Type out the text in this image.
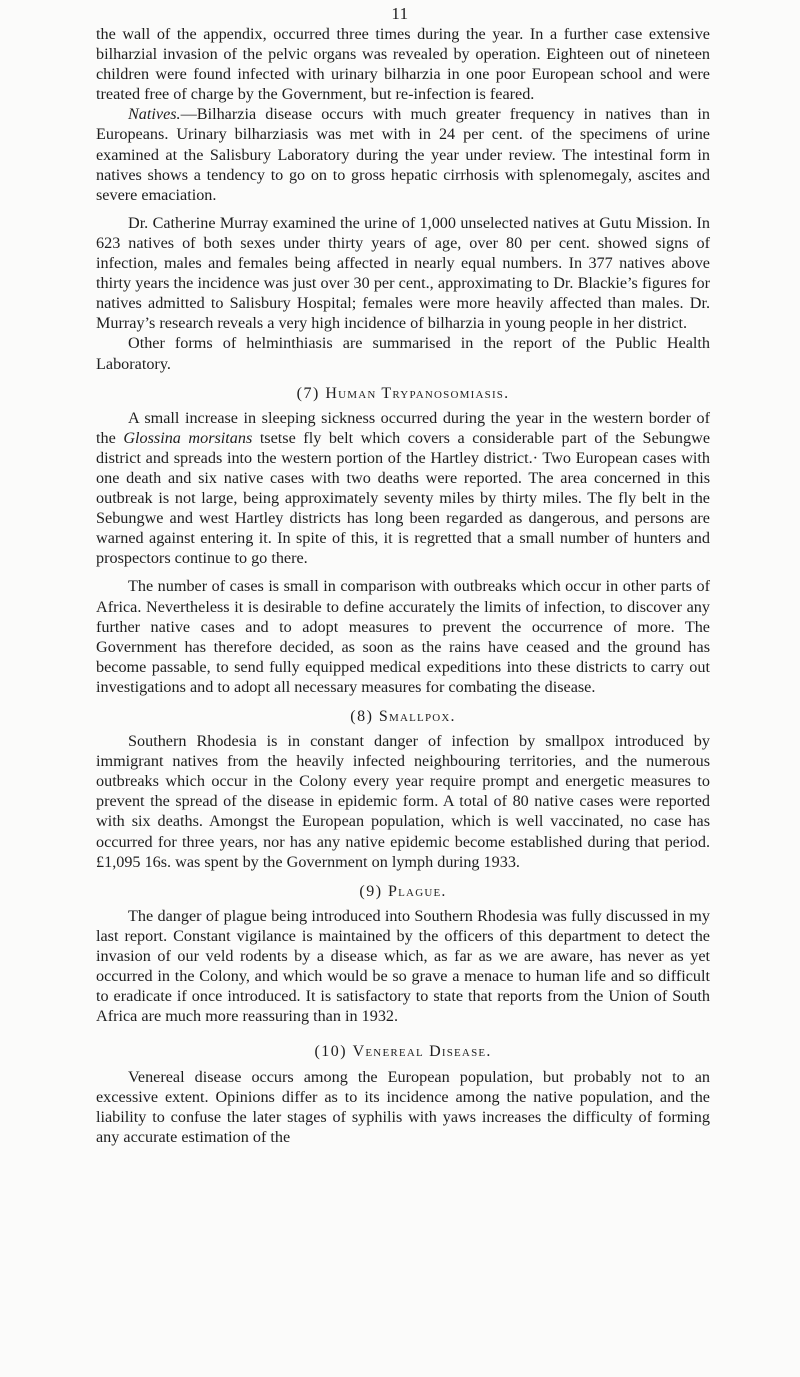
11

the wall of the appendix, occurred three times during the year. In a further case extensive bilharzial invasion of the pelvic organs was revealed by operation. Eighteen out of nineteen children were found infected with urinary bilharzia in one poor European school and were treated free of charge by the Government, but re-infection is feared.

Natives.—Bilharzia disease occurs with much greater frequency in natives than in Europeans. Urinary bilharziasis was met with in 24 per cent. of the specimens of urine examined at the Salisbury Laboratory during the year under review. The intestinal form in natives shows a tendency to go on to gross hepatic cirrhosis with splenomegaly, ascites and severe emaciation.

Dr. Catherine Murray examined the urine of 1,000 unselected natives at Gutu Mission. In 623 natives of both sexes under thirty years of age, over 80 per cent. showed signs of infection, males and females being affected in nearly equal numbers. In 377 natives above thirty years the incidence was just over 30 per cent., approximating to Dr. Blackie’s figures for natives admitted to Salisbury Hospital; females were more heavily affected than males. Dr. Murray’s research reveals a very high incidence of bilharzia in young people in her district.

Other forms of helminthiasis are summarised in the report of the Public Health Laboratory.

(7) Human Trypanosomiasis.

A small increase in sleeping sickness occurred during the year in the western border of the Glossina morsitans tsetse fly belt which covers a considerable part of the Sebungwe district and spreads into the western portion of the Hartley district.· Two European cases with one death and six native cases with two deaths were reported. The area concerned in this outbreak is not large, being approximately seventy miles by thirty miles. The fly belt in the Sebungwe and west Hartley districts has long been regarded as dangerous, and persons are warned against entering it. In spite of this, it is regretted that a small number of hunters and prospectors continue to go there.

The number of cases is small in comparison with outbreaks which occur in other parts of Africa. Nevertheless it is desirable to define accurately the limits of infection, to discover any further native cases and to adopt measures to prevent the occurrence of more. The Government has therefore decided, as soon as the rains have ceased and the ground has become passable, to send fully equipped medical expeditions into these districts to carry out investigations and to adopt all necessary measures for combating the disease.

(8) Smallpox.

Southern Rhodesia is in constant danger of infection by smallpox introduced by immigrant natives from the heavily infected neighbouring territories, and the numerous outbreaks which occur in the Colony every year require prompt and energetic measures to prevent the spread of the disease in epidemic form. A total of 80 native cases were reported with six deaths. Amongst the European population, which is well vaccinated, no case has occurred for three years, nor has any native epidemic become established during that period. £1,095 16s. was spent by the Government on lymph during 1933.

(9) Plague.

The danger of plague being introduced into Southern Rhodesia was fully discussed in my last report. Constant vigilance is maintained by the officers of this department to detect the invasion of our veld rodents by a disease which, as far as we are aware, has never as yet occurred in the Colony, and which would be so grave a menace to human life and so difficult to eradicate if once introduced. It is satisfactory to state that reports from the Union of South Africa are much more reassuring than in 1932.

(10) Venereal Disease.

Venereal disease occurs among the European population, but probably not to an excessive extent. Opinions differ as to its incidence among the native population, and the liability to confuse the later stages of syphilis with yaws increases the difficulty of forming any accurate estimation of the
